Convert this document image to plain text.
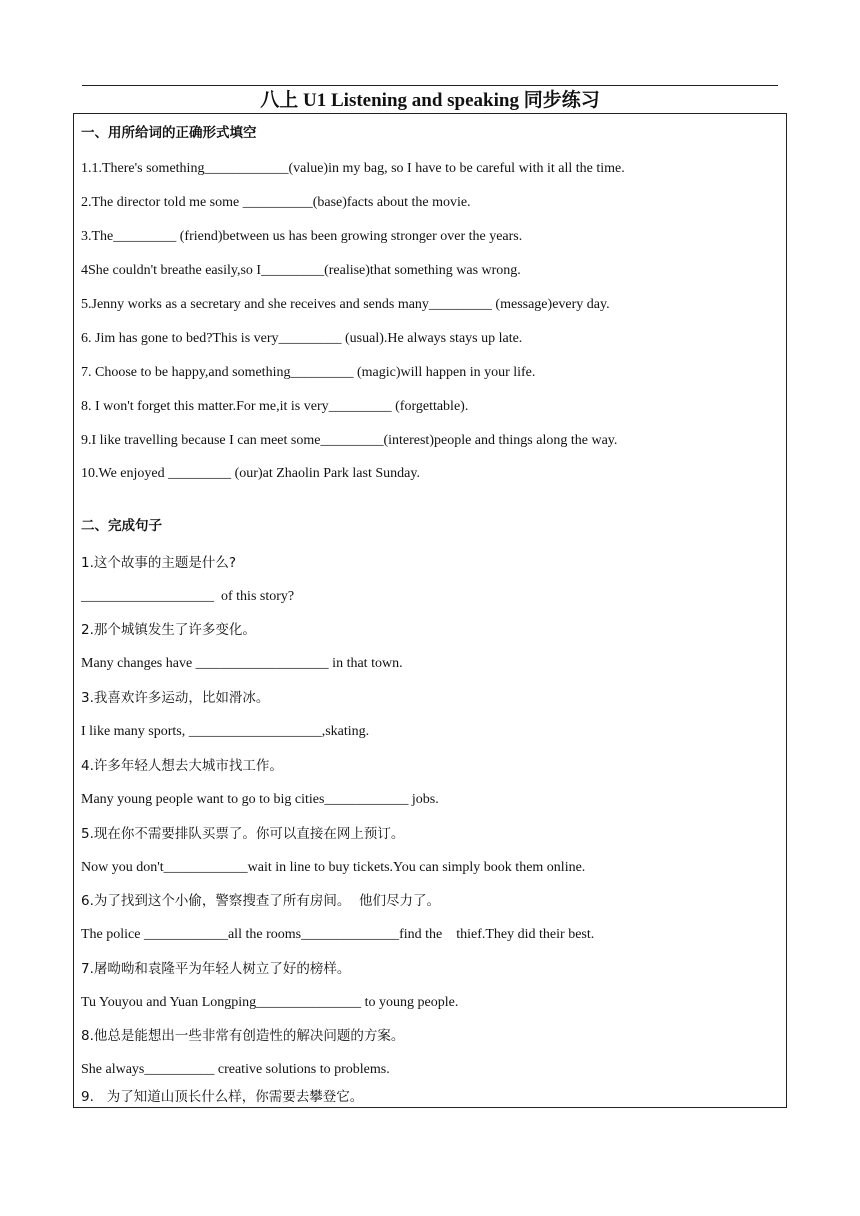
八上 U1 Listening and speaking 同步练习
一、用所给词的正确形式填空
1.1.There's something____________(value)in my bag, so I have to be careful with it all the time.
2.The director told me some __________(base)facts about the movie.
3.The_________ (friend)between us has been growing stronger over the years.
4She couldn't breathe easily,so I_________(realise)that something was wrong.
5.Jenny works as a secretary and she receives and sends many_________ (message)every day.
6. Jim has gone to bed?This is very_________ (usual).He always stays up late.
7. Choose to be happy,and something_________ (magic)will happen in your life.
8. I won't forget this matter.For me,it is very_________ (forgettable).
9.I like travelling because I can meet some_________(interest)people and things along the way.
10.We enjoyed _________ (our)at Zhaolin Park last Sunday.
二、完成句子
1.这个故事的主题是什么?
___________________  of this story?
2.那个城镇发生了许多变化。
Many changes have ___________________ in that town.
3.我喜欢许多运动，比如滑冰。
I like many sports, ___________________,skating.
4.许多年轻人想去大城市找工作。
Many young people want to go to big cities____________ jobs.
5.现在你不需要排队买票了。你可以直接在网上预订。
Now you don't____________wait in line to buy tickets.You can simply book them online.
6.为了找到这个小偷，警察搜查了所有房间。  他们尽力了。
The police ____________all the rooms______________find the    thief.They did their best.
7.屠呦呦和袁隆平为年轻人树立了好的榜样。
Tu Youyou and Yuan Longping_______________ to young people.
8.他总是能想出一些非常有创造性的解决问题的方案。
She always__________ creative solutions to problems.
9.   为了知道山顶长什么样，你需要去攀登它。
